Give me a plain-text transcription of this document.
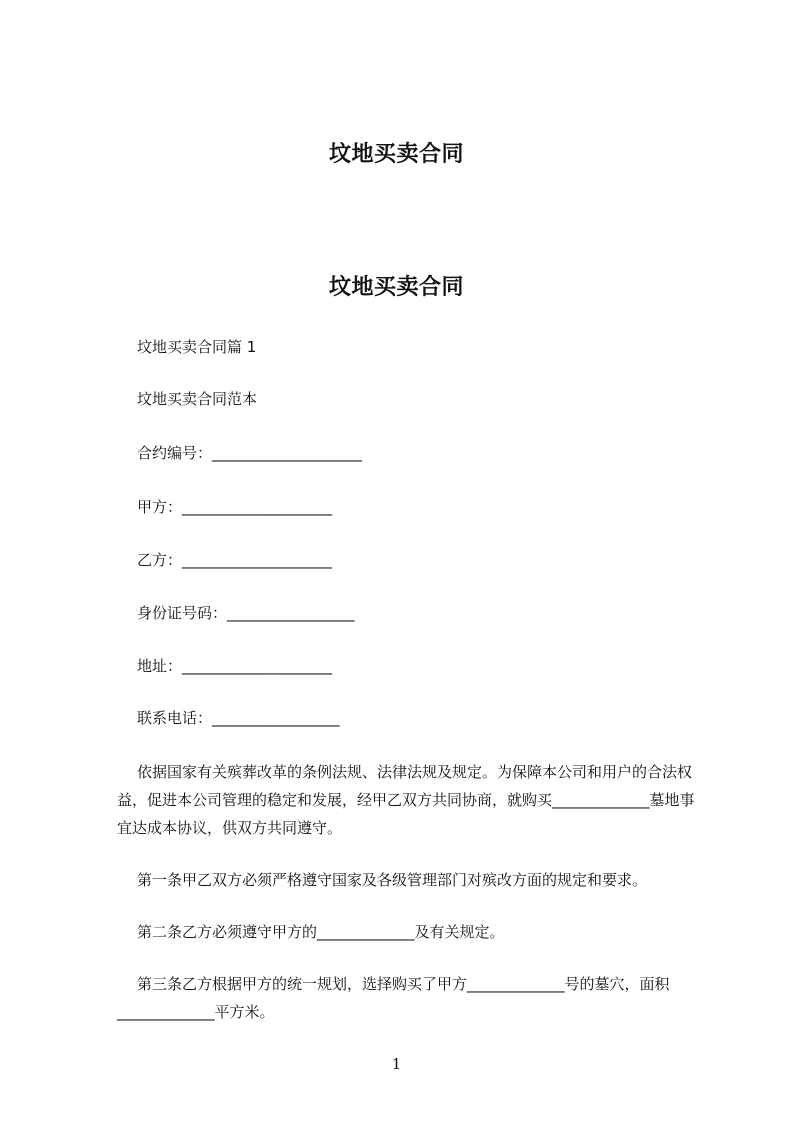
坟地买卖合同
坟地买卖合同
坟地买卖合同篇 1
坟地买卖合同范本
合约编号：____________________
甲方：____________________
乙方：____________________
身份证号码：_________________
地址：____________________
联系电话：_________________

依据国家有关殡葬改革的条例法规、法律法规及规定。为保障本公司和用户的合法权益，促进本公司管理的稳定和发展，经甲乙双方共同协商，就购买_____________墓地事宜达成本协议，供双方共同遵守。

第一条甲乙双方必须严格遵守国家及各级管理部门对殡改方面的规定和要求。

第二条乙方必须遵守甲方的_____________及有关规定。

第三条乙方根据甲方的统一规划，选择购买了甲方_____________号的墓穴，面积_____________平方米。

1
